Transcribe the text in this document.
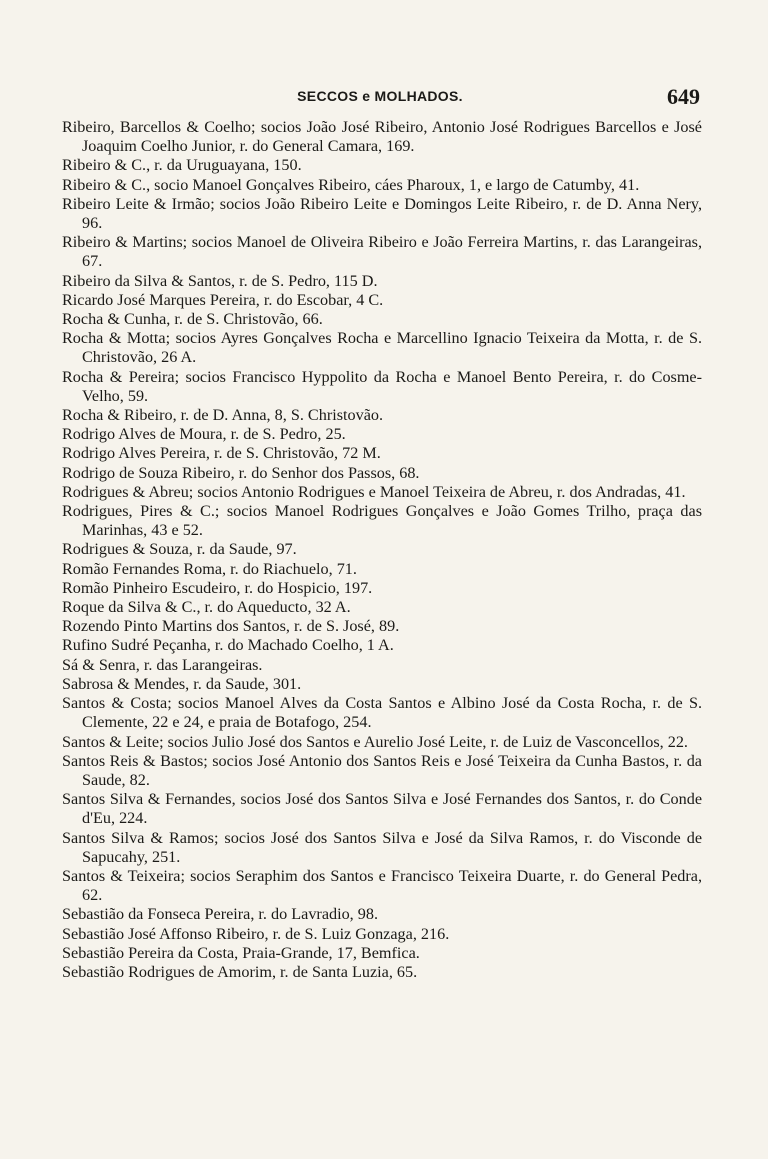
SECCOS e MOLHADOS.	649

Ribeiro, Barcellos & Coelho; socios João José Ribeiro, Antonio José Rodrigues Barcellos e José Joaquim Coelho Junior, r. do General Camara, 169.

Ribeiro & C., r. da Uruguayana, 150.

Ribeiro & C., socio Manoel Gonçalves Ribeiro, cáes Pharoux, 1, e largo de Catumby, 41.

Ribeiro Leite & Irmão; socios João Ribeiro Leite e Domingos Leite Ribeiro, r. de D. Anna Nery, 96.

Ribeiro & Martins; socios Manoel de Oliveira Ribeiro e João Ferreira Martins, r. das Larangeiras, 67.

Ribeiro da Silva & Santos, r. de S. Pedro, 115 D.

Ricardo José Marques Pereira, r. do Escobar, 4 C.

Rocha & Cunha, r. de S. Christovão, 66.

Rocha & Motta; socios Ayres Gonçalves Rocha e Marcellino Ignacio Teixeira da Motta, r. de S. Christovão, 26 A.

Rocha & Pereira; socios Francisco Hyppolito da Rocha e Manoel Bento Pereira, r. do Cosme-Velho, 59.

Rocha & Ribeiro, r. de D. Anna, 8, S. Christovão.

Rodrigo Alves de Moura, r. de S. Pedro, 25.

Rodrigo Alves Pereira, r. de S. Christovão, 72 M.

Rodrigo de Souza Ribeiro, r. do Senhor dos Passos, 68.

Rodrigues & Abreu; socios Antonio Rodrigues e Manoel Teixeira de Abreu, r. dos Andradas, 41.

Rodrigues, Pires & C.; socios Manoel Rodrigues Gonçalves e João Gomes Trilho, praça das Marinhas, 43 e 52.

Rodrigues & Souza, r. da Saude, 97.

Romão Fernandes Roma, r. do Riachuelo, 71.

Romão Pinheiro Escudeiro, r. do Hospicio, 197.

Roque da Silva & C., r. do Aqueducto, 32 A.

Rozendo Pinto Martins dos Santos, r. de S. José, 89.

Rufino Sudré Peçanha, r. do Machado Coelho, 1 A.

Sá & Senra, r. das Larangeiras.

Sabrosa & Mendes, r. da Saude, 301.

Santos & Costa; socios Manoel Alves da Costa Santos e Albino José da Costa Rocha, r. de S. Clemente, 22 e 24, e praia de Botafogo, 254.

Santos & Leite; socios Julio José dos Santos e Aurelio José Leite, r. de Luiz de Vasconcellos, 22.

Santos Reis & Bastos; socios José Antonio dos Santos Reis e José Teixeira da Cunha Bastos, r. da Saude, 82.

Santos Silva & Fernandes, socios José dos Santos Silva e José Fernandes dos Santos, r. do Conde d'Eu, 224.

Santos Silva & Ramos; socios José dos Santos Silva e José da Silva Ramos, r. do Visconde de Sapucahy, 251.

Santos & Teixeira; socios Seraphim dos Santos e Francisco Teixeira Duarte, r. do General Pedra, 62.

Sebastião da Fonseca Pereira, r. do Lavradio, 98.

Sebastião José Affonso Ribeiro, r. de S. Luiz Gonzaga, 216.

Sebastião Pereira da Costa, Praia-Grande, 17, Bemfica.

Sebastião Rodrigues de Amorim, r. de Santa Luzia, 65.
